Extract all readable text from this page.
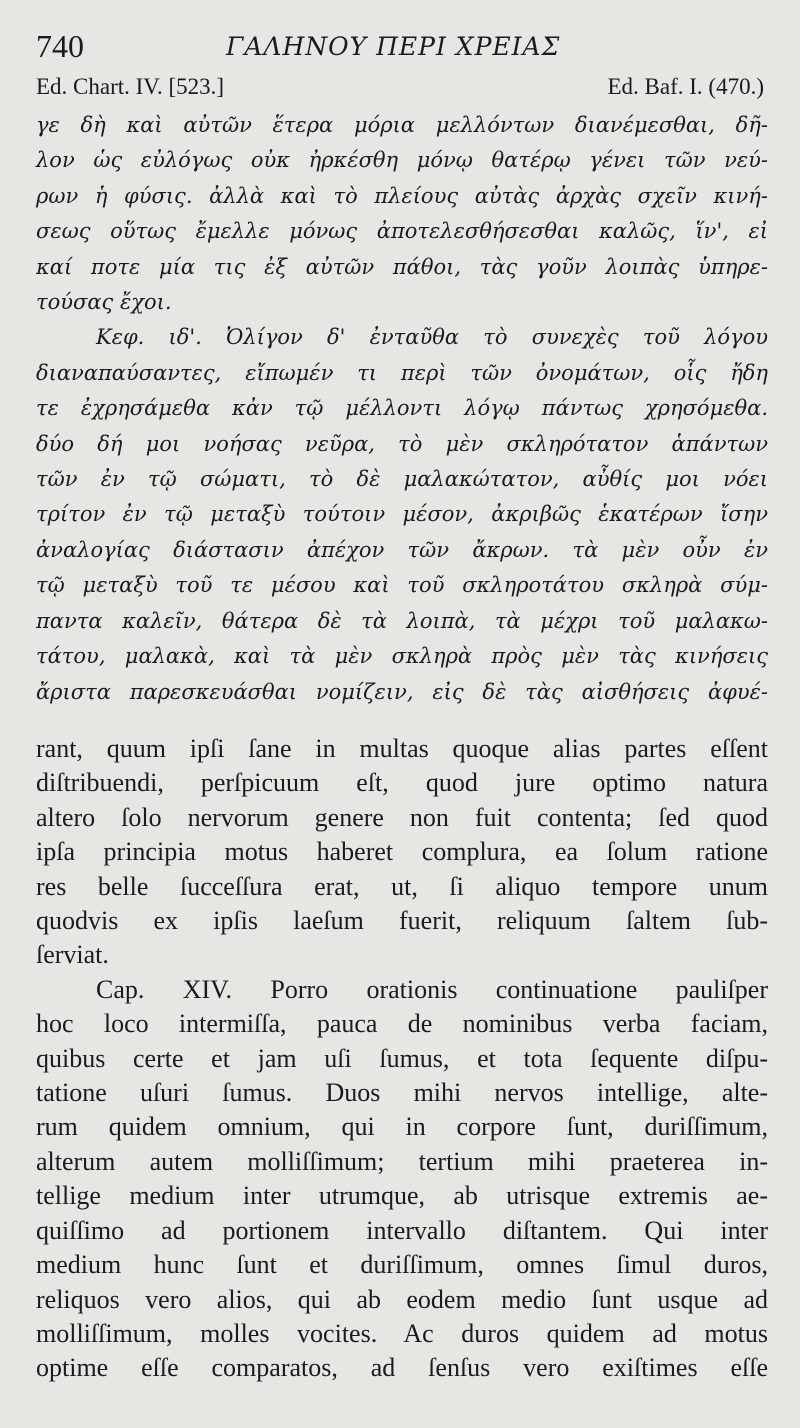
740	ΓΑΛΗΝΟΥ ΠΕΡΙ ΧΡΕΙΑΣ
Ed. Chart. IV. [523.]	Ed. Baf. I. (470.)
γε δὴ καὶ αὐτῶν ἕτερα μόρια μελλόντων διανέμεσθαι, δῆ-
λον ὡς εὐλόγως οὐκ ἠρκέσθη μόνῳ θατέρῳ γένει τῶν νεύ-
ρων ἡ φύσις. ἀλλὰ καὶ τὸ πλείους αὐτὰς ἀρχὰς σχεῖν κινή-
σεως οὕτως ἔμελλε μόνως ἀποτελεσθήσεσθαι καλῶς, ἵν', εἰ
καί ποτε μία τις ἐξ αὐτῶν πάθοι, τὰς γοῦν λοιπὰς ὑπηρε-
τούσας ἔχοι.
Κεφ. ιδ'. Ὀλίγον δ' ἐνταῦθα τὸ συνεχὲς τοῦ λόγου
διαναπαύσαντες, εἴπωμέν τι περὶ τῶν ὀνομάτων, οἷς ἤδη
τε ἐχρησάμεθα κἀν τῷ μέλλοντι λόγῳ πάντως χρησόμεθα.
δύο δή μοι νοήσας νεῦρα, τὸ μὲν σκληρότατον ἁπάντων
τῶν ἐν τῷ σώματι, τὸ δὲ μαλακώτατον, αὖθίς μοι νόει
τρίτον ἐν τῷ μεταξὺ τούτοιν μέσον, ἀκριβῶς ἑκατέρων ἴσην
ἀναλογίας διάστασιν ἀπέχον τῶν ἄκρων. τὰ μὲν οὖν ἐν
τῷ μεταξὺ τοῦ τε μέσου καὶ τοῦ σκληροτάτου σκληρὰ σύμ-
παντα καλεῖν, θάτερα δὲ τὰ λοιπὰ, τὰ μέχρι τοῦ μαλακω-
τάτου, μαλακὰ, καὶ τὰ μὲν σκληρὰ πρὸς μὲν τὰς κινήσεις
ἄριστα παρεσκευάσθαι νομίζειν, εἰς δὲ τὰς αἰσθήσεις ἀφυέ-
rant, quum ipſi ſane in multas quoque alias partes eſſent
diſtribuendi, perſpicuum eſt, quod jure optimo natura
altero ſolo nervorum genere non fuit contenta; ſed quod
ipſa principia motus haberet complura, ea ſolum ratione
res belle ſucceſſura erat, ut, ſi aliquo tempore unum
quodvis ex ipſis laeſum fuerit, reliquum ſaltem ſub-
ſerviat.
Cap. XIV. Porro orationis continuatione pauliſper
hoc loco intermiſſa, pauca de nominibus verba faciam,
quibus certe et jam uſi ſumus, et tota ſequente diſpu-
tatione uſuri ſumus. Duos mihi nervos intellige, alte-
rum quidem omnium, qui in corpore ſunt, duriſſimum,
alterum autem molliſſimum; tertium mihi praeterea in-
tellige medium inter utrumque, ab utrisque extremis ae-
quiſſimo ad portionem intervallo diſtantem. Qui inter
medium hunc ſunt et duriſſimum, omnes ſimul duros,
reliquos vero alios, qui ab eodem medio ſunt usque ad
molliſſimum, molles vocites. Ac duros quidem ad motus
optime eſſe comparatos, ad ſenſus vero exiſtimes eſſe
